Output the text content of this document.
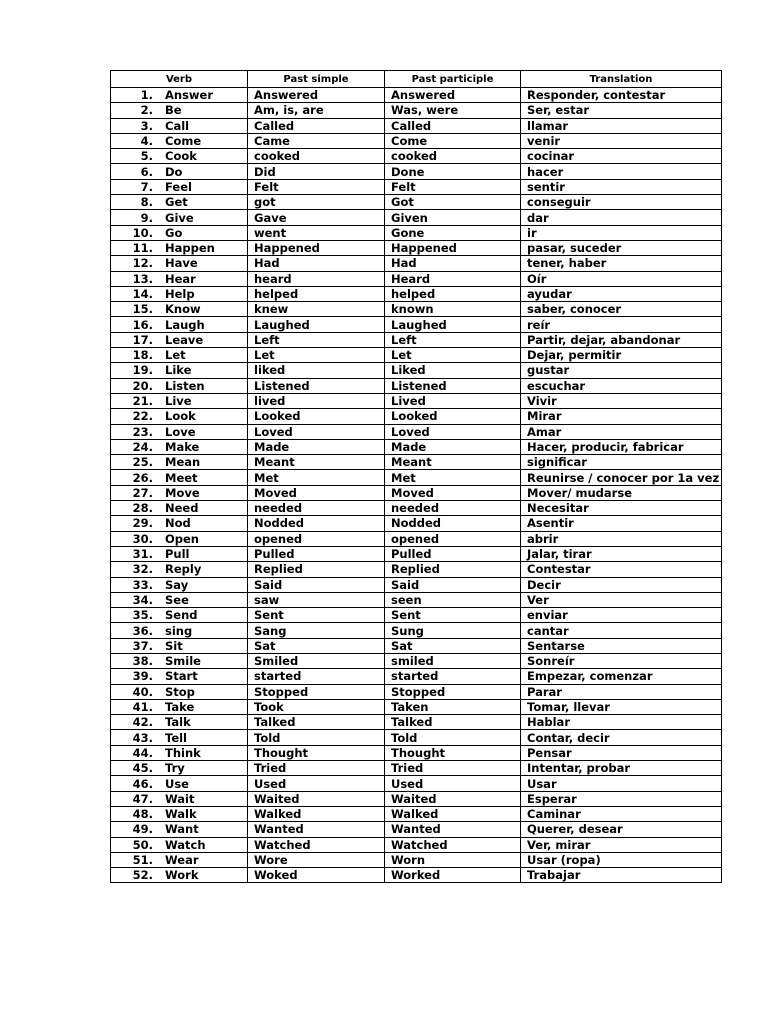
Verb	Past simple	Past participle	Translation
1. Answer	Answered	Answered	Responder, contestar
2. Be	Am, is, are	Was, were	Ser, estar
3. Call	Called	Called	llamar
4. Come	Came	Come	venir
5. Cook	cooked	cooked	cocinar
6. Do	Did	Done	hacer
7. Feel	Felt	Felt	sentir
8. Get	got	Got	conseguir
9. Give	Gave	Given	dar
10. Go	went	Gone	ir
11. Happen	Happened	Happened	pasar, suceder
12. Have	Had	Had	tener, haber
13. Hear	heard	Heard	Oír
14. Help	helped	helped	ayudar
15. Know	knew	known	saber, conocer
16. Laugh	Laughed	Laughed	reír
17. Leave	Left	Left	Partir, dejar, abandonar
18. Let	Let	Let	Dejar, permitir
19. Like	liked	Liked	gustar
20. Listen	Listened	Listened	escuchar
21. Live	lived	Lived	Vivir
22. Look	Looked	Looked	Mirar
23. Love	Loved	Loved	Amar
24. Make	Made	Made	Hacer, producir, fabricar
25. Mean	Meant	Meant	significar
26. Meet	Met	Met	Reunirse / conocer por 1a vez
27. Move	Moved	Moved	Mover/ mudarse
28. Need	needed	needed	Necesitar
29. Nod	Nodded	Nodded	Asentir
30. Open	opened	opened	abrir
31. Pull	Pulled	Pulled	Jalar, tirar
32. Reply	Replied	Replied	Contestar
33. Say	Said	Said	Decir
34. See	saw	seen	Ver
35. Send	Sent	Sent	enviar
36. sing	Sang	Sung	cantar
37. Sit	Sat	Sat	Sentarse
38. Smile	Smiled	smiled	Sonreír
39. Start	started	started	Empezar, comenzar
40. Stop	Stopped	Stopped	Parar
41. Take	Took	Taken	Tomar, llevar
42. Talk	Talked	Talked	Hablar
43. Tell	Told	Told	Contar, decir
44. Think	Thought	Thought	Pensar
45. Try	Tried	Tried	Intentar, probar
46. Use	Used	Used	Usar
47. Wait	Waited	Waited	Esperar
48. Walk	Walked	Walked	Caminar
49. Want	Wanted	Wanted	Querer, desear
50. Watch	Watched	Watched	Ver, mirar
51. Wear	Wore	Worn	Usar (ropa)
52. Work	Woked	Worked	Trabajar
